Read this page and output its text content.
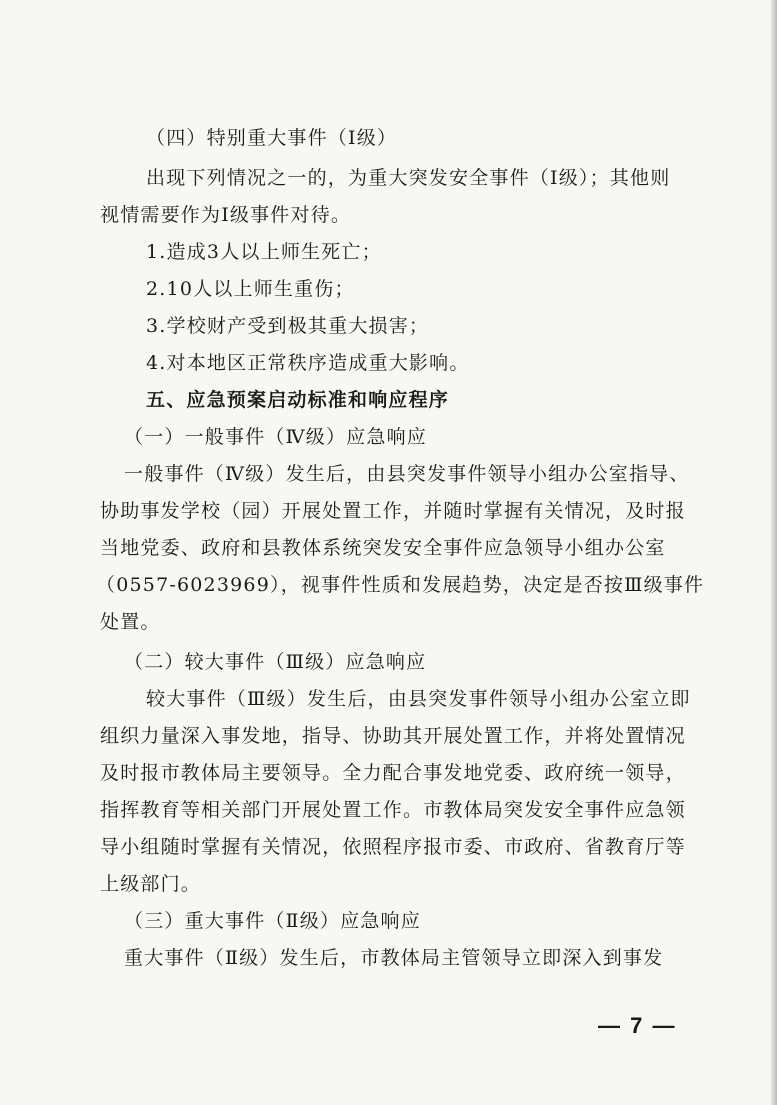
（四）特别重大事件（Ⅰ级）
出现下列情况之一的，为重大突发安全事件（Ⅰ级）；其他则
视情需要作为Ⅰ级事件对待。
1.造成3人以上师生死亡；
2.10人以上师生重伤；
3.学校财产受到极其重大损害；
4.对本地区正常秩序造成重大影响。
五、应急预案启动标准和响应程序
（一）一般事件（Ⅳ级）应急响应
一般事件（Ⅳ级）发生后，由县突发事件领导小组办公室指导、
协助事发学校（园）开展处置工作，并随时掌握有关情况，及时报
当地党委、政府和县教体系统突发安全事件应急领导小组办公室
（0557-6023969），视事件性质和发展趋势，决定是否按Ⅲ级事件
处置。
（二）较大事件（Ⅲ级）应急响应
较大事件（Ⅲ级）发生后，由县突发事件领导小组办公室立即
组织力量深入事发地，指导、协助其开展处置工作，并将处置情况
及时报市教体局主要领导。全力配合事发地党委、政府统一领导，
指挥教育等相关部门开展处置工作。市教体局突发安全事件应急领
导小组随时掌握有关情况，依照程序报市委、市政府、省教育厅等
上级部门。
（三）重大事件（Ⅱ级）应急响应
重大事件（Ⅱ级）发生后，市教体局主管领导立即深入到事发
— 7 —
